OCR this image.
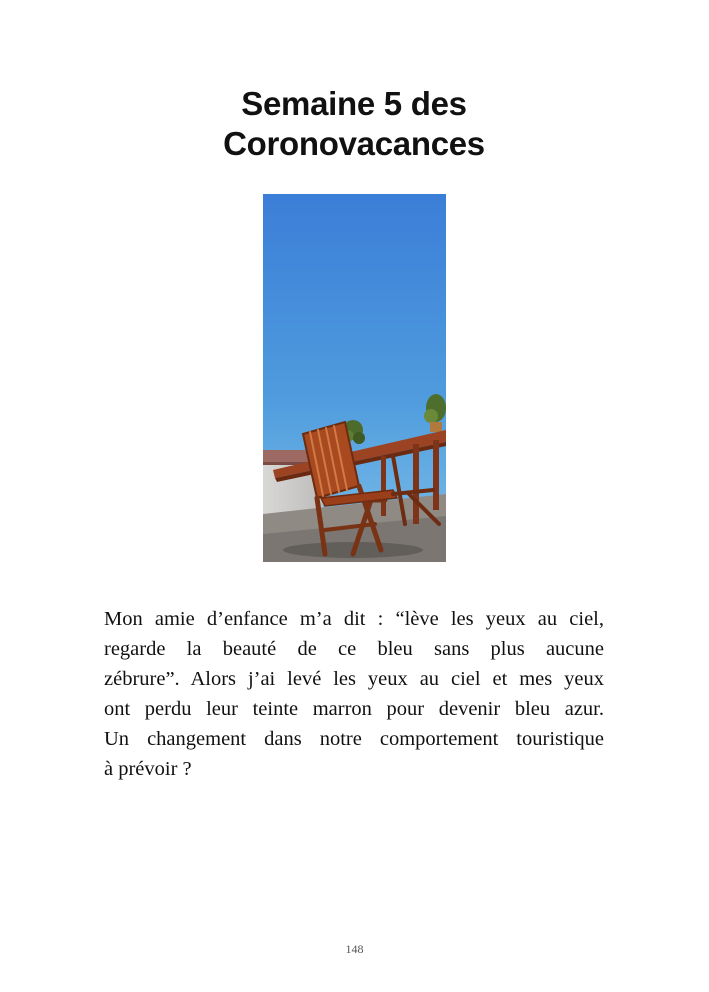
Semaine 5 des
Coronovacances
Mon amie d’enfance m’a dit : “lève les yeux au ciel,
regarde la beauté de ce bleu sans plus aucune
zébrure”. Alors j’ai levé les yeux au ciel et mes yeux
ont perdu leur teinte marron pour devenir bleu azur.
Un changement dans notre comportement touristique
à prévoir ?
148
